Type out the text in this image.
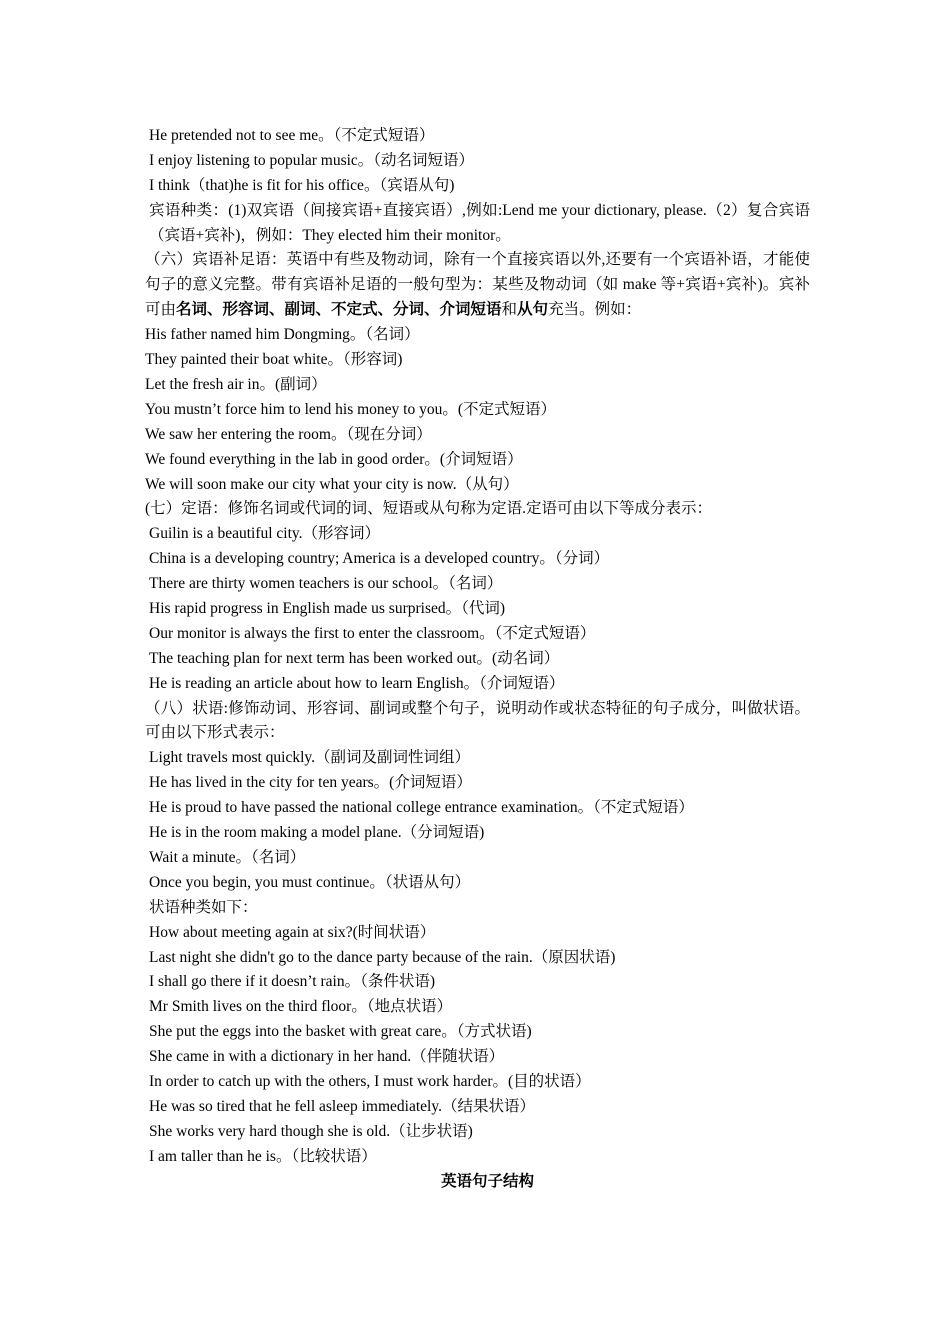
He pretended not to see me。（不定式短语）
I enjoy listening to popular music。（动名词短语）
I think（that)he is fit for his office。（宾语从句)
宾语种类：(1)双宾语（间接宾语+直接宾语）,例如:Lend me your dictionary, please.（2）复合宾语（宾语+宾补)，例如：They elected him their monitor。
（六）宾语补足语：英语中有些及物动词，除有一个直接宾语以外,还要有一个宾语补语，才能使句子的意义完整。带有宾语补足语的一般句型为：某些及物动词（如 make 等+宾语+宾补)。宾补可由名词、形容词、副词、不定式、分词、介词短语和从句充当。例如：
His father named him Dongming。（名词）
They painted their boat white。（形容词)
Let the fresh air in。(副词）
You mustn’t force him to lend his money to you。(不定式短语）
We saw her entering the room。（现在分词）
We found everything in the lab in good order。(介词短语）
We will soon make our city what your city is now.（从句）
(七）定语：修饰名词或代词的词、短语或从句称为定语.定语可由以下等成分表示：
Guilin is a beautiful city.（形容词）
China is a developing country; America is a developed country。（分词）
There are thirty women teachers is our school。（名词）
His rapid progress in English made us surprised。（代词)
Our monitor is always the first to enter the classroom。（不定式短语）
The teaching plan for next term has been worked out。(动名词）
He is reading an article about how to learn English。（介词短语）
（八）状语:修饰动词、形容词、副词或整个句子，说明动作或状态特征的句子成分，叫做状语。可由以下形式表示：
Light travels most quickly.（副词及副词性词组）
He has lived in the city for ten years。(介词短语）
He is proud to have passed the national college entrance examination。（不定式短语）
He is in the room making a model plane.（分词短语)
Wait a minute。（名词）
Once you begin, you must continue。（状语从句）
状语种类如下：
How about meeting again at six?(时间状语）
Last night she didn't go to the dance party because of the rain.（原因状语)
I shall go there if it doesn’t rain。（条件状语)
Mr Smith lives on the third floor。（地点状语）
She put the eggs into the basket with great care。（方式状语)
She came in with a dictionary in her hand.（伴随状语）
In order to catch up with the others, I must work harder。(目的状语）
He was so tired that he fell asleep immediately.（结果状语）
She works very hard though she is old.（让步状语)
I am taller than he is。（比较状语）
英语句子结构
